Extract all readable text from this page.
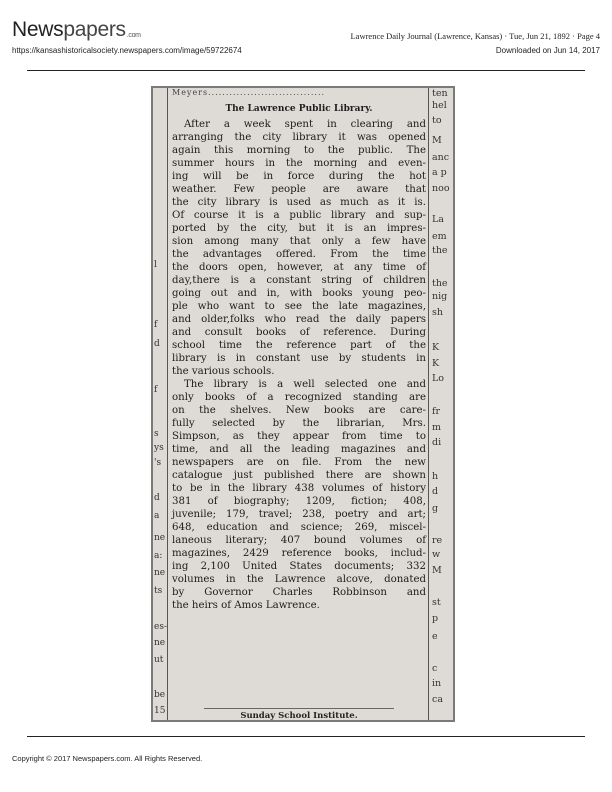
Newspapers.com	Lawrence Daily Journal (Lawrence, Kansas) · Tue, Jun 21, 1892 · Page 4
https://kansashistoricalsociety.newspapers.com/image/59722674	Downloaded on Jun 14, 2017
l
f
d
f
s
ys
's
d
a
ne
a:
ne
ts
es-
ne
ut
be
15
Meyers.................................
The Lawrence Public Library.
After a week spent in clearing and
arranging the city library it was opened
again this morning to the public. The
summer hours in the morning and even-
ing will be in force during the hot
weather. Few people are aware that
the city library is used as much as it is.
Of course it is a public library and sup-
ported by the city, but it is an impres-
sion among many that only a few have
the advantages offered. From the time
the doors open, however, at any time of
day,there is a constant string of children
going out and in, with books young peo-
ple who want to see the late magazines,
and older,folks who read the daily papers
and consult books of reference. During
school time the reference part of the
library is in constant use by students in
the various schools.
The library is a well selected one and
only books of a recognized standing are
on the shelves. New books are care-
fully selected by the librarian, Mrs.
Simpson, as they appear from time to
time, and all the leading magazines and
newspapers are on file. From the new
catalogue just published there are shown
to be in the library 438 volumes of history
381 of biography; 1209, fiction; 408,
juvenile; 179, travel; 238, poetry and art;
648, education and science; 269, miscel-
laneous literary; 407 bound volumes of
magazines, 2429 reference books, includ-
ing 2,100 United States documents; 332
volumes in the Lawrence alcove, donated
by Governor Charles Robbinson and
the heirs of Amos Lawrence.
Sunday School Institute.
ten
hel
to
M
anc
a p
noo
La
em
the
the
nig
sh
K
K
Lo
fr
m
di
h
d
g
re
w
M
st
p
e
c
in
ca
Copyright © 2017 Newspapers.com. All Rights Reserved.
